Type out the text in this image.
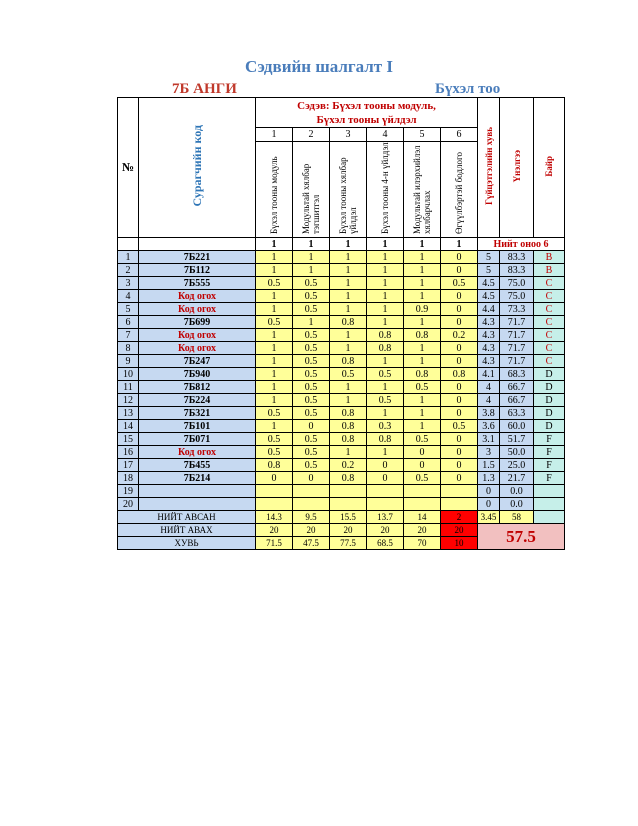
Сэдвийн шалгалт I
7Б АНГИ	Бүхэл тоо
№	Сурагчийн код	Сэдэв: Бүхэл тооны модуль,
Бүхэл тооны үйлдэл						Гүйцэтгэлийн хувь	Үнэлгээ	Байр
		1	2	3	4	5	6			
		Бүхэл тооны модуль	Модультай хялбар тэгшитгэл	Бүхэл тооны хялбар үйлдэл	Бүхэл тооны 4-н үйлдэл	Модультай илэрхийлэл хялбарчлах	Өгүүлбэртэй бодлого			
		1	1	1	1	1	1	Нийт оноо 6		
1	7Б221	1	1	1	1	1	0	5	83.3	B
2	7Б112	1	1	1	1	1	0	5	83.3	B
3	7Б555	0.5	0.5	1	1	1	0.5	4.5	75.0	C
4	Код огох	1	0.5	1	1	1	0	4.5	75.0	C
5	Код огох	1	0.5	1	1	0.9	0	4.4	73.3	C
6	7Б699	0.5	1	0.8	1	1	0	4.3	71.7	C
7	Код огох	1	0.5	1	0.8	0.8	0.2	4.3	71.7	C
8	Код огох	1	0.5	1	0.8	1	0	4.3	71.7	C
9	7Б247	1	0.5	0.8	1	1	0	4.3	71.7	C
10	7Б940	1	0.5	0.5	0.5	0.8	0.8	4.1	68.3	D
11	7Б812	1	0.5	1	1	0.5	0	4	66.7	D
12	7Б224	1	0.5	1	0.5	1	0	4	66.7	D
13	7Б321	0.5	0.5	0.8	1	1	0	3.8	63.3	D
14	7Б101	1	0	0.8	0.3	1	0.5	3.6	60.0	D
15	7Б071	0.5	0.5	0.8	0.8	0.5	0	3.1	51.7	F
16	Код огох	0.5	0.5	1	1	0	0	3	50.0	F
17	7Б455	0.8	0.5	0.2	0	0	0	1.5	25.0	F
18	7Б214	0	0	0.8	0	0.5	0	1.3	21.7	F
19								0	0.0	
20								0	0.0	
НИЙТ АВСАН		14.3	9.5	15.5	13.7	14	2	3.45	58	
НИЙТ АВАХ		20	20	20	20	20	20	57.5		
ХУВЬ		71.5	47.5	77.5	68.5	70	10			
